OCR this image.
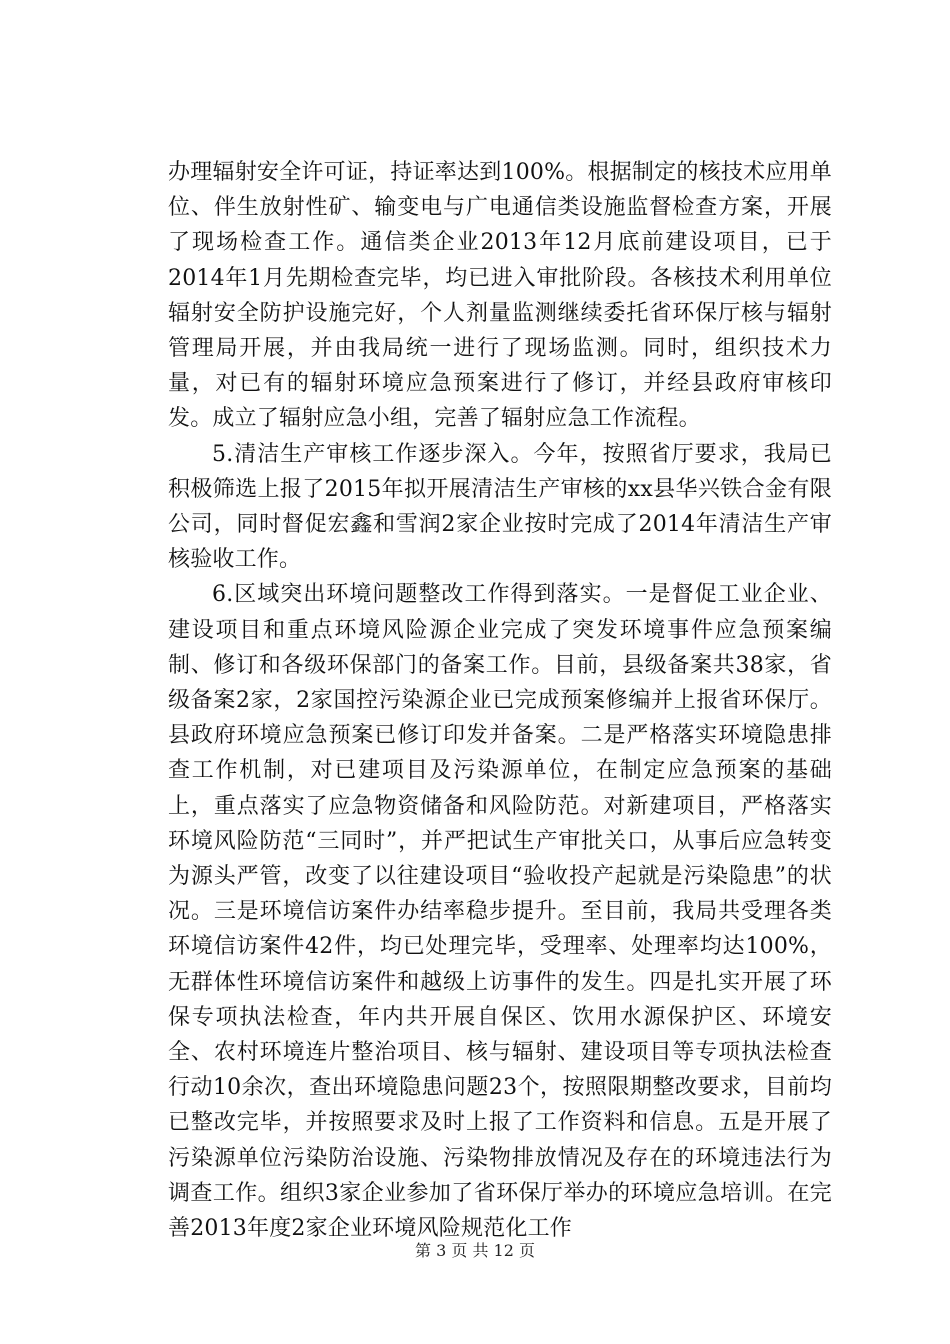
办理辐射安全许可证，持证率达到100%。根据制定的核技术应用单位、伴生放射性矿、输变电与广电通信类设施监督检查方案，开展了现场检查工作。通信类企业2013年12月底前建设项目，已于2014年1月先期检查完毕，均已进入审批阶段。各核技术利用单位辐射安全防护设施完好，个人剂量监测继续委托省环保厅核与辐射管理局开展，并由我局统一进行了现场监测。同时，组织技术力量，对已有的辐射环境应急预案进行了修订，并经县政府审核印发。成立了辐射应急小组，完善了辐射应急工作流程。

5.清洁生产审核工作逐步深入。今年，按照省厅要求，我局已积极筛选上报了2015年拟开展清洁生产审核的xx县华兴铁合金有限公司，同时督促宏鑫和雪润2家企业按时完成了2014年清洁生产审核验收工作。

6.区域突出环境问题整改工作得到落实。一是督促工业企业、建设项目和重点环境风险源企业完成了突发环境事件应急预案编制、修订和各级环保部门的备案工作。目前，县级备案共38家，省级备案2家，2家国控污染源企业已完成预案修编并上报省环保厅。县政府环境应急预案已修订印发并备案。二是严格落实环境隐患排查工作机制，对已建项目及污染源单位，在制定应急预案的基础上，重点落实了应急物资储备和风险防范。对新建项目，严格落实环境风险防范“三同时”，并严把试生产审批关口，从事后应急转变为源头严管，改变了以往建设项目“验收投产起就是污染隐患”的状况。三是环境信访案件办结率稳步提升。至目前，我局共受理各类环境信访案件42件，均已处理完毕，受理率、处理率均达100%，无群体性环境信访案件和越级上访事件的发生。四是扎实开展了环保专项执法检查，年内共开展自保区、饮用水源保护区、环境安全、农村环境连片整治项目、核与辐射、建设项目等专项执法检查行动10余次，查出环境隐患问题23个，按照限期整改要求，目前均已整改完毕，并按照要求及时上报了工作资料和信息。五是开展了污染源单位污染防治设施、污染物排放情况及存在的环境违法行为调查工作。组织3家企业参加了省环保厅举办的环境应急培训。在完善2013年度2家企业环境风险规范化工作

第 3 页 共 12 页
